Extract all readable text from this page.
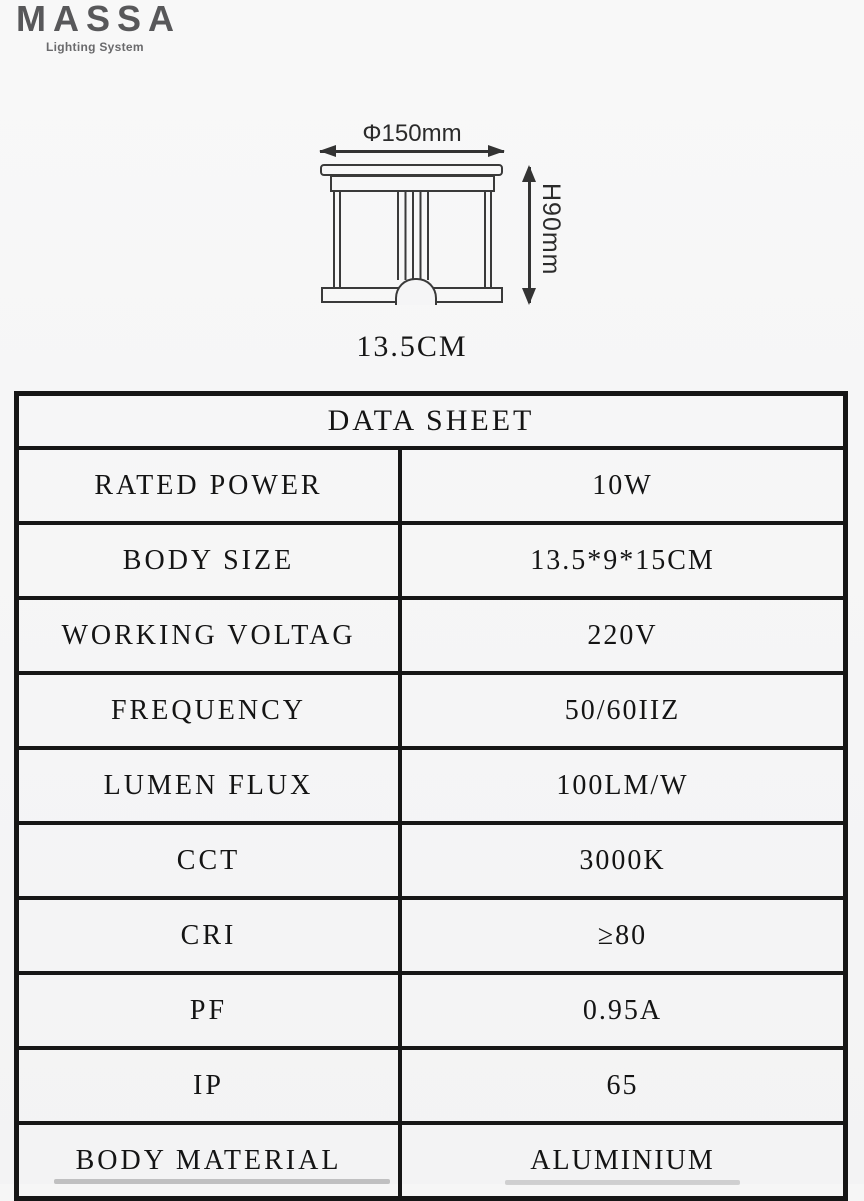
MASSA
Lighting System
Φ150mm
H90mm
13.5CM
DATA SHEET
RATED POWER	10W
BODY SIZE	13.5*9*15CM
WORKING VOLTAG	220V
FREQUENCY	50/60IIZ
LUMEN FLUX	100LM/W
CCT	3000K
CRI	≥80
PF	0.95A
IP	65
BODY MATERIAL	ALUMINIUM
